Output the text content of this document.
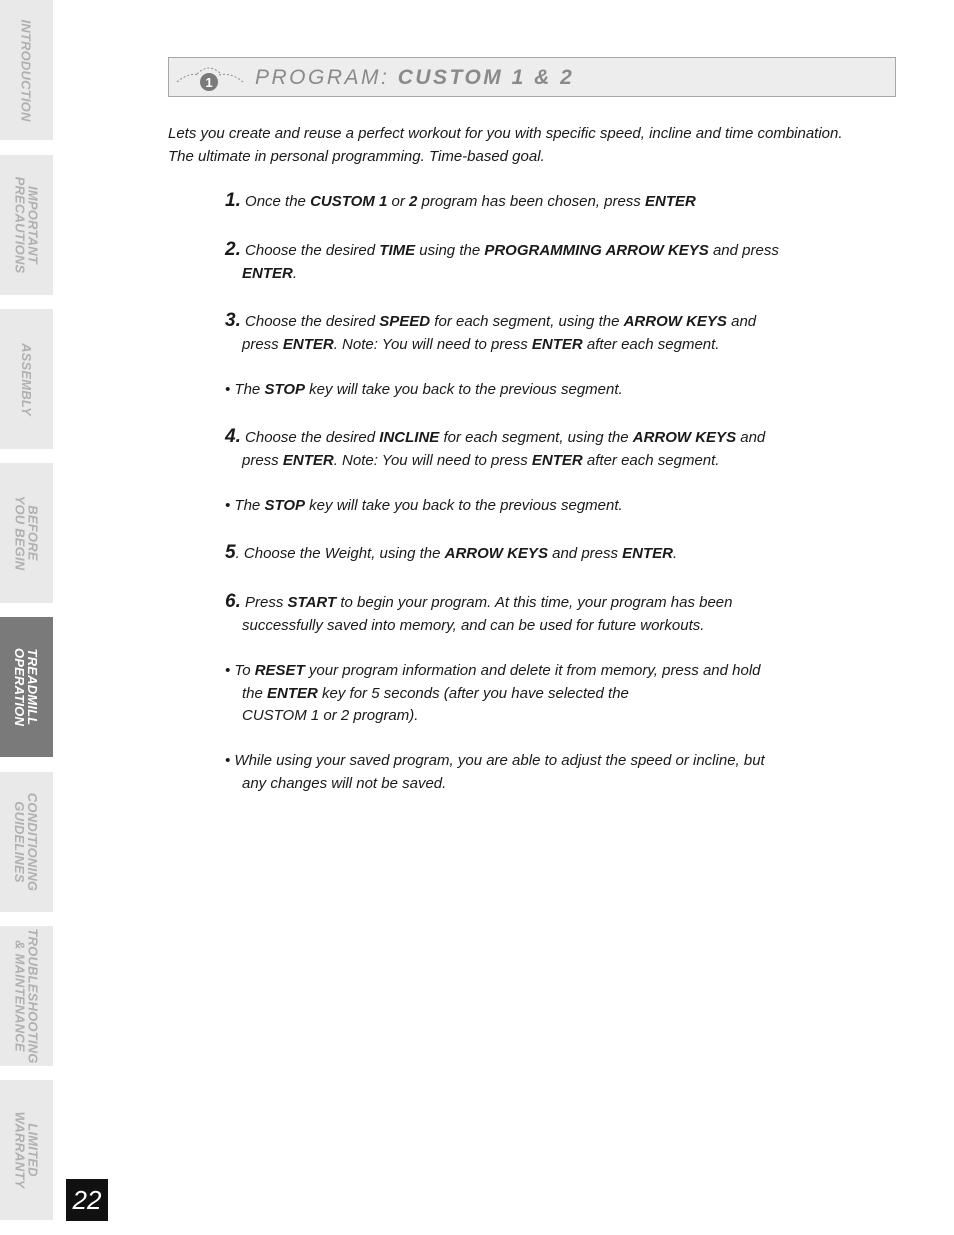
INTRODUCTION
IMPORTANT
PRECAUTIONS
ASSEMBLY
BEFORE
YOU BEGIN
TREADMILL
OPERATION
CONDITIONING
GUIDELINES
TROUBLESHOOTING
& MAINTENANCE
LIMITED
WARRANTY
1 PROGRAM: CUSTOM 1 & 2

Lets you create and reuse a perfect workout for you with specific speed, incline and time combination.

The ultimate in personal programming. Time-based goal.

1. Once the CUSTOM 1 or 2 program has been chosen, press ENTER

2. Choose the desired TIME using the PROGRAMMING ARROW KEYS and press

ENTER.

3. Choose the desired SPEED for each segment, using the ARROW KEYS and

press ENTER. Note: You will need to press ENTER after each segment.

• The STOP key will take you back to the previous segment.

4. Choose the desired INCLINE for each segment, using the ARROW KEYS and

press ENTER. Note: You will need to press ENTER after each segment.

• The STOP key will take you back to the previous segment.

5. Choose the Weight, using the ARROW KEYS and press ENTER.

6. Press START to begin your program. At this time, your program has been

successfully saved into memory, and can be used for future workouts.

• To RESET your program information and delete it from memory, press and hold

the ENTER key for 5 seconds (after you have selected the

CUSTOM 1 or 2 program).

• While using your saved program, you are able to adjust the speed or incline, but

any changes will not be saved.

22
